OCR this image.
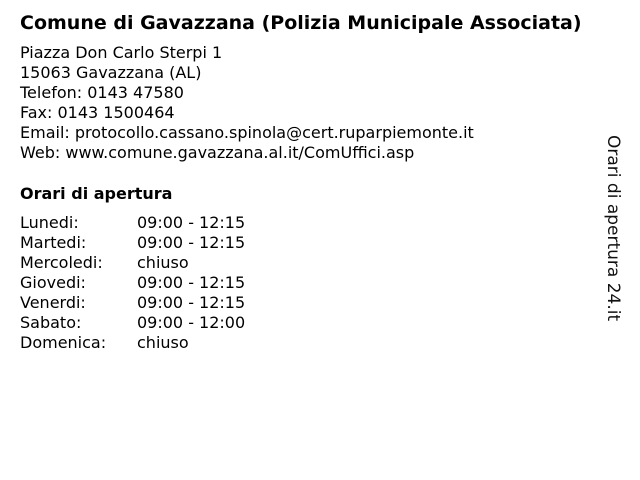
Comune di Gavazzana (Polizia Municipale Associata)
Piazza Don Carlo Sterpi 1
15063 Gavazzana (AL)
Telefon: 0143 47580
Fax: 0143 1500464
Email: protocollo.cassano.spinola@cert.ruparpiemonte.it
Web: www.comune.gavazzana.al.it/ComUffici.asp
Orari di apertura
Lunedi:	09:00 - 12:15
Martedi:	09:00 - 12:15
Mercoledi: chiuso
Giovedi:	09:00 - 12:15
Venerdi:	09:00 - 12:15
Sabato:	09:00 - 12:00
Domenica: chiuso
Orari di apertura 24.it
